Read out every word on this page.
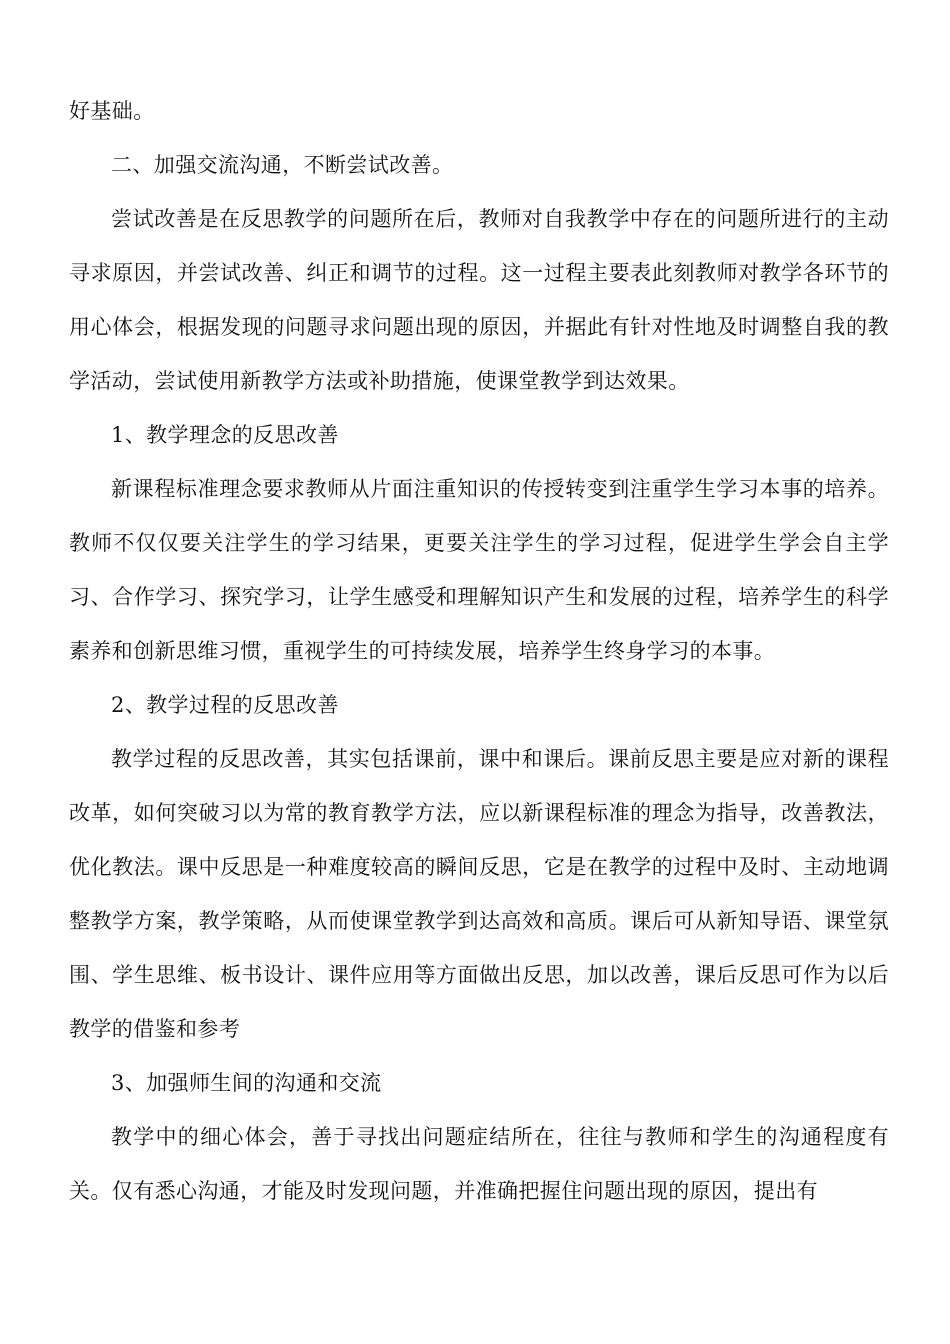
好基础。

二、加强交流沟通，不断尝试改善。

尝试改善是在反思教学的问题所在后，教师对自我教学中存在的问题所进行的主动寻求原因，并尝试改善、纠正和调节的过程。这一过程主要表此刻教师对教学各环节的用心体会，根据发现的问题寻求问题出现的原因，并据此有针对性地及时调整自我的教学活动，尝试使用新教学方法或补助措施，使课堂教学到达效果。

1、教学理念的反思改善

新课程标准理念要求教师从片面注重知识的传授转变到注重学生学习本事的培养。教师不仅仅要关注学生的学习结果，更要关注学生的学习过程，促进学生学会自主学习、合作学习、探究学习，让学生感受和理解知识产生和发展的过程，培养学生的科学素养和创新思维习惯，重视学生的可持续发展，培养学生终身学习的本事。

2、教学过程的反思改善

教学过程的反思改善，其实包括课前，课中和课后。课前反思主要是应对新的课程改革，如何突破习以为常的教育教学方法，应以新课程标准的理念为指导，改善教法，优化教法。课中反思是一种难度较高的瞬间反思，它是在教学的过程中及时、主动地调整教学方案，教学策略，从而使课堂教学到达高效和高质。课后可从新知导语、课堂氛围、学生思维、板书设计、课件应用等方面做出反思，加以改善，课后反思可作为以后教学的借鉴和参考

3、加强师生间的沟通和交流

教学中的细心体会，善于寻找出问题症结所在，往往与教师和学生的沟通程度有关。仅有悉心沟通，才能及时发现问题，并准确把握住问题出现的原因，提出有
